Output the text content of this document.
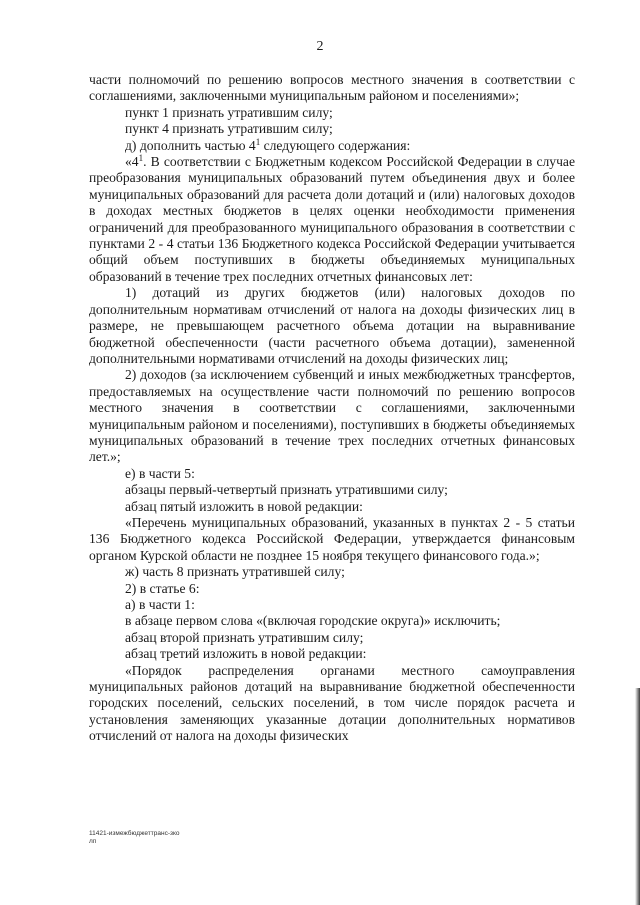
2

части полномочий по решению вопросов местного значения в соответствии с соглашениями, заключенными муниципальным районом и поселениями»;

пункт 1 признать утратившим силу;

пункт 4 признать утратившим силу;

д) дополнить частью $4^1$ следующего содержания:

«$4^1$. В соответствии с Бюджетным кодексом Российской Федерации в случае преобразования муниципальных образований путем объединения двух и более муниципальных образований для расчета доли дотаций и (или) налоговых доходов в доходах местных бюджетов в целях оценки необходимости применения ограничений для преобразованного муниципального образования в соответствии с пунктами 2 - 4 статьи 136 Бюджетного кодекса Российской Федерации учитывается общий объем поступивших в бюджеты объединяемых муниципальных образований в течение трех последних отчетных финансовых лет:

1) дотаций из других бюджетов (или) налоговых доходов по дополнительным нормативам отчислений от налога на доходы физических лиц в размере, не превышающем расчетного объема дотации на выравнивание бюджетной обеспеченности (части расчетного объема дотации), замененной дополнительными нормативами отчислений на доходы физических лиц;

2) доходов (за исключением субвенций и иных межбюджетных трансфертов, предоставляемых на осуществление части полномочий по решению вопросов местного значения в соответствии с соглашениями, заключенными муниципальным районом и поселениями), поступивших в бюджеты объединяемых муниципальных образований в течение трех последних отчетных финансовых лет.»;

е) в части 5:

абзацы первый-четвертый признать утратившими силу;

абзац пятый изложить в новой редакции:

«Перечень муниципальных образований, указанных в пунктах 2 - 5 статьи 136 Бюджетного кодекса Российской Федерации, утверждается финансовым органом Курской области не позднее 15 ноября текущего финансового года.»;

ж) часть 8 признать утратившей силу;

2) в статье 6:

а) в части 1:

в абзаце первом слова «(включая городские округа)» исключить;

абзац второй признать утратившим силу;

абзац третий изложить в новой редакции:

«Порядок распределения органами местного самоуправления муниципальных районов дотаций на выравнивание бюджетной обеспеченности городских поселений, сельских поселений, в том числе порядок расчета и установления заменяющих указанные дотации дополнительных нормативов отчислений от налога на доходы физических

11421-измежбюджеттранс-зко
лп
